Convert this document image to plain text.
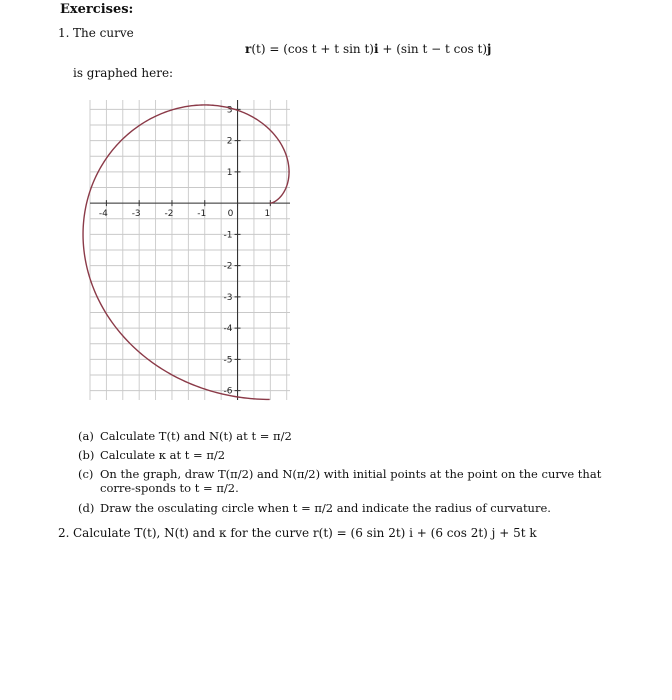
Exercises:
1. The curve
r(t) = (cos t + t sin t)i + (sin t − t cos t)j
is graphed here:
-4	-3	-2	-1 0	1
3
2
1
-1
-2
-3
-4
-5
-6
(a) Calculate T(t) and N(t) at t = π/2
(b) Calculate κ at t = π/2
(c) On the graph, draw T(π/2) and N(π/2) with initial points at the point on the curve that corre-sponds to t = π/2.
(d) Draw the osculating circle when t = π/2 and indicate the radius of curvature.
2. Calculate T(t), N(t) and κ for the curve r(t) = (6 sin 2t) i + (6 cos 2t) j + 5t k
